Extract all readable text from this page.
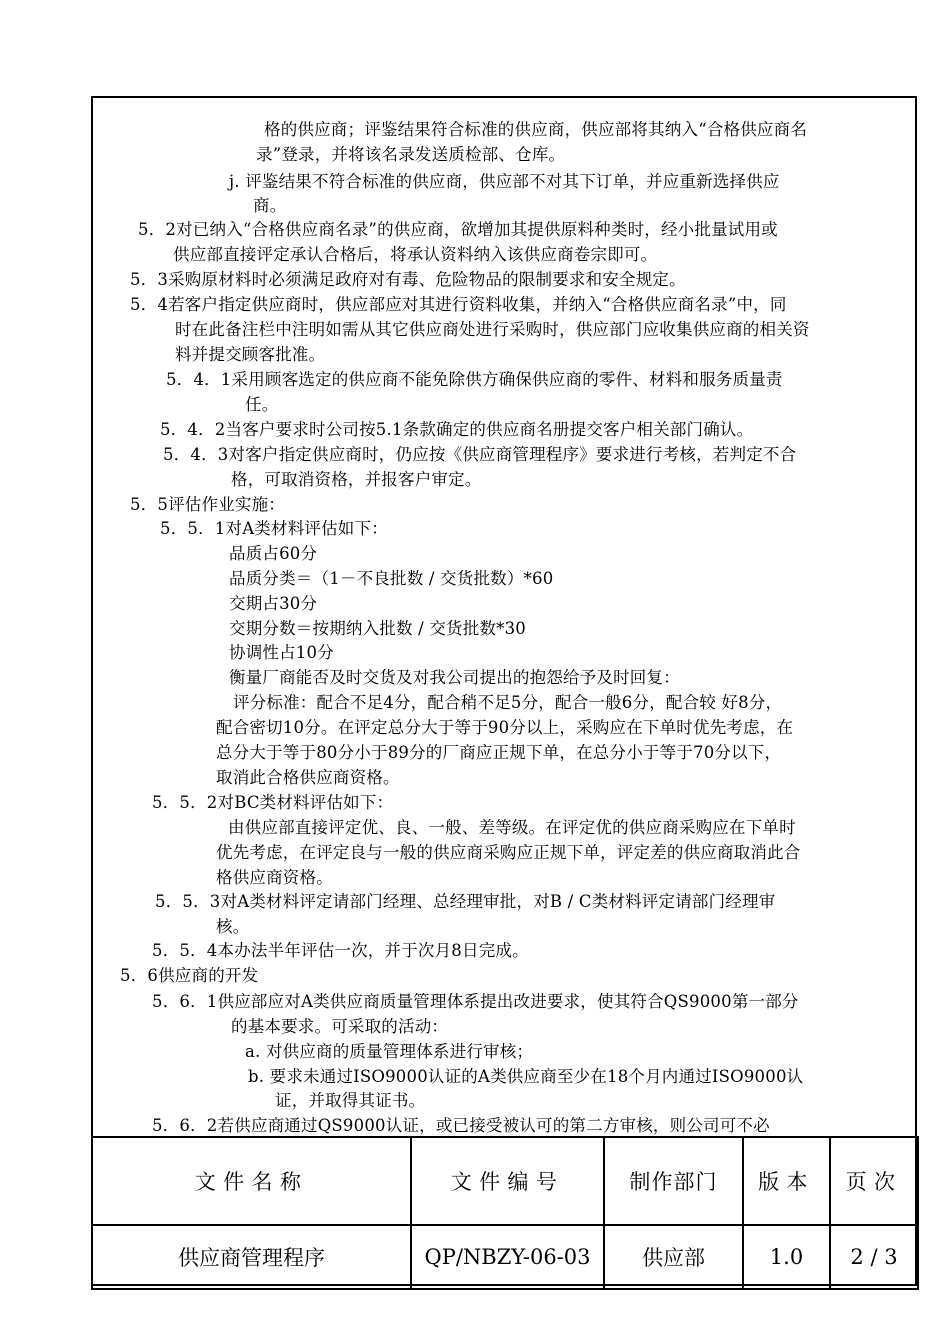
格的供应商；评鉴结果符合标准的供应商，供应部将其纳入“合格供应商名
录”登录，并将该名录发送质检部、仓库。
j. 评鉴结果不符合标准的供应商，供应部不对其下订单，并应重新选择供应
商。
5．2对已纳入“合格供应商名录”的供应商，欲增加其提供原料种类时，经小批量试用或
供应部直接评定承认合格后，将承认资料纳入该供应商卷宗即可。
5．3采购原材料时必须满足政府对有毒、危险物品的限制要求和安全规定。
5．4若客户指定供应商时，供应部应对其进行资料收集，并纳入“合格供应商名录”中，同
时在此备注栏中注明如需从其它供应商处进行采购时，供应部门应收集供应商的相关资
料并提交顾客批准。
5．4．1采用顾客选定的供应商不能免除供方确保供应商的零件、材料和服务质量责
任。
5．4．2当客户要求时公司按5.1条款确定的供应商名册提交客户相关部门确认。
5．4．3对客户指定供应商时，仍应按《供应商管理程序》要求进行考核，若判定不合
格，可取消资格，并报客户审定。
5．5评估作业实施：
5．5．1对A类材料评估如下：
品质占60分
品质分类＝（1－不良批数 / 交货批数）*60
交期占30分
交期分数＝按期纳入批数 / 交货批数*30
协调性占10分
衡量厂商能否及时交货及对我公司提出的抱怨给予及时回复：
评分标准：配合不足4分，配合稍不足5分，配合一般6分，配合较 好8分，
配合密切10分。在评定总分大于等于90分以上，采购应在下单时优先考虑，在
总分大于等于80分小于89分的厂商应正规下单，在总分小于等于70分以下，
取消此合格供应商资格。
5．5．2对BC类材料评估如下：
由供应部直接评定优、良、一般、差等级。在评定优的供应商采购应在下单时
优先考虑，在评定良与一般的供应商采购应正规下单，评定差的供应商取消此合
格供应商资格。
5．5．3对A类材料评定请部门经理、总经理审批，对B / C类材料评定请部门经理审
核。
5．5．4本办法半年评估一次，并于次月8日完成。
5．6供应商的开发
5．6．1供应部应对A类供应商质量管理体系提出改进要求，使其符合QS9000第一部分
的基本要求。可采取的活动：
a. 对供应商的质量管理体系进行审核；
b. 要求未通过ISO9000认证的A类供应商至少在18个月内通过ISO9000认
证，并取得其证书。
5．6．2若供应商通过QS9000认证，或已接受被认可的第二方审核，则公司可不必
文件名称	文件编号	制作部门	版本	页次
供应商管理程序	QP/NBZY-06-03	供应部	1.0	2 / 3
